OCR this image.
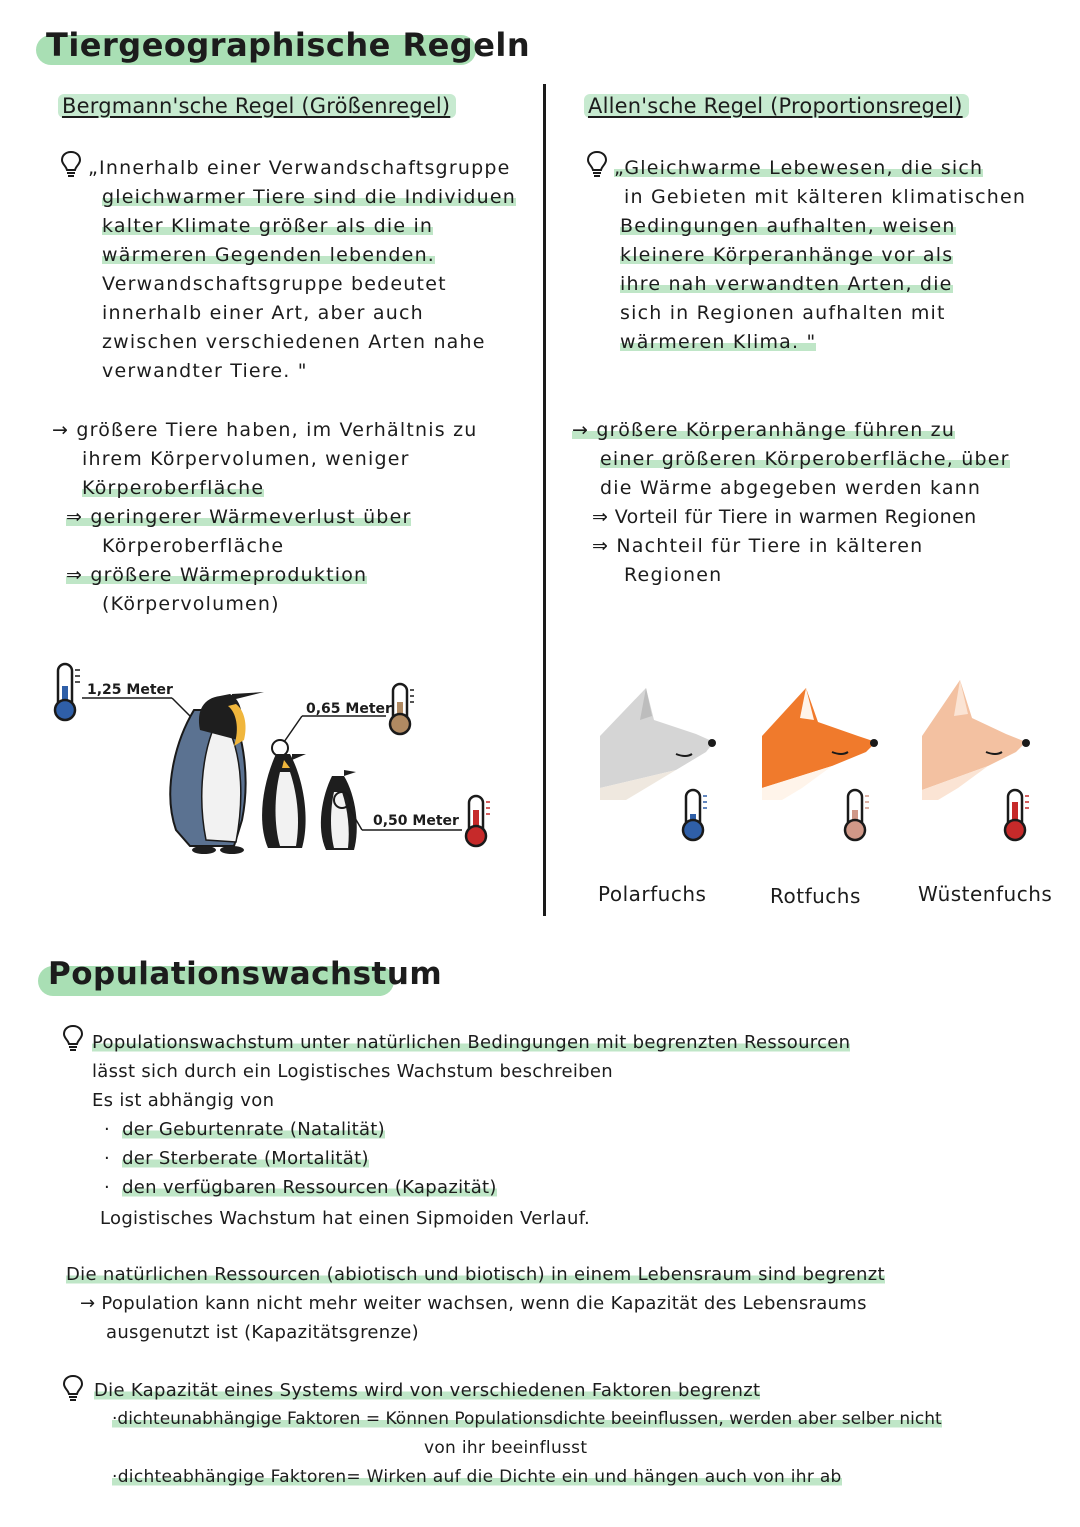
Tiergeographische Regeln
Bergmann'sche Regel (Größenregel)
„Innerhalb einer Verwandschaftsgruppe
gleichwarmer Tiere sind die Individuen
kalter Klimate größer als die in
wärmeren Gegenden lebenden.
Verwandschaftsgruppe bedeutet
innerhalb einer Art, aber auch
zwischen verschiedenen Arten nahe
verwandter Tiere. "
→ größere Tiere haben, im Verhältnis zu
ihrem Körpervolumen, weniger
Körperoberfläche
⇒ geringerer Wärmeverlust über
Körperoberfläche
⇒ größere Wärmeproduktion
(Körpervolumen)
1,25 Meter
0,65 Meter
0,50 Meter
Allen'sche Regel (Proportionsregel)
„Gleichwarme Lebewesen, die sich
in Gebieten mit kälteren klimatischen
Bedingungen aufhalten, weisen
kleinere Körperanhänge vor als
ihre nah verwandten Arten, die
sich in Regionen aufhalten mit
wärmeren Klima. "
→ größere Körperanhänge führen zu
einer größeren Körperoberfläche, über
die Wärme abgegeben werden kann
⇒ Vorteil für Tiere in warmen Regionen
⇒ Nachteil für Tiere in kälteren
Regionen
Polarfuchs	Rotfuchs	Wüstenfuchs
Populationswachstum
Populationswachstum unter natürlichen Bedingungen mit begrenzten Ressourcen
lässt sich durch ein Logistisches Wachstum beschreiben
Es ist abhängig von
·  der Geburtenrate (Natalität)
·  der Sterberate (Mortalität)
·  den verfügbaren Ressourcen (Kapazität)
Logistisches Wachstum hat einen Sipmoiden Verlauf.
Die natürlichen Ressourcen (abiotisch und biotisch) in einem Lebensraum sind begrenzt
→ Population kann nicht mehr weiter wachsen, wenn die Kapazität des Lebensraums
ausgenutzt ist (Kapazitätsgrenze)
Die Kapazität eines Systems wird von verschiedenen Faktoren begrenzt
·dichteunabhängige Faktoren = Können Populationsdichte beeinflussen, werden aber selber nicht
von ihr beeinflusst
·dichteabhängige Faktoren= Wirken auf die Dichte ein und hängen auch von ihr ab
